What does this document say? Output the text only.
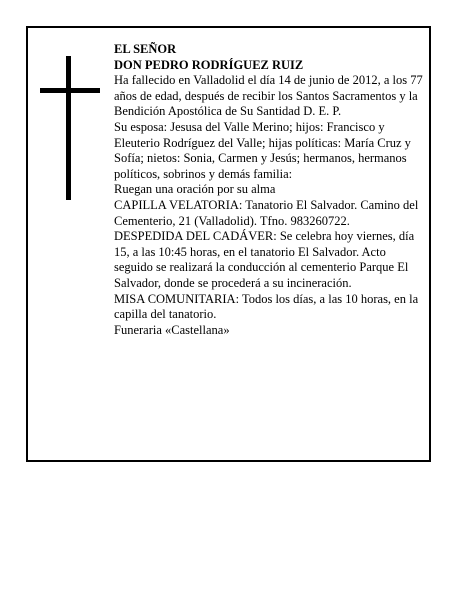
EL SEÑOR

DON PEDRO RODRÍGUEZ RUIZ

Ha fallecido en Valladolid el día 14 de junio de 2012, a los 77 años de edad, después de recibir los Santos Sacramentos y la Bendición Apostólica de Su Santidad D. E. P.

Su esposa: Jesusa del Valle Merino; hijos: Francisco y Eleuterio Rodríguez del Valle; hijas políticas: María Cruz y Sofía; nietos: Sonia, Carmen y Jesús; hermanos, hermanos políticos, sobrinos y demás familia:

Ruegan una oración por su alma

CAPILLA VELATORIA: Tanatorio El Salvador. Camino del Cementerio, 21 (Valladolid). Tfno. 983260722.

DESPEDIDA DEL CADÁVER: Se celebra hoy viernes, día 15, a las 10:45 horas, en el tanatorio El Salvador. Acto seguido se realizará la conducción al cementerio Parque El Salvador, donde se procederá a su incineración.

MISA COMUNITARIA: Todos los días, a las 10 horas, en la capilla del tanatorio.

Funeraria «Castellana»
